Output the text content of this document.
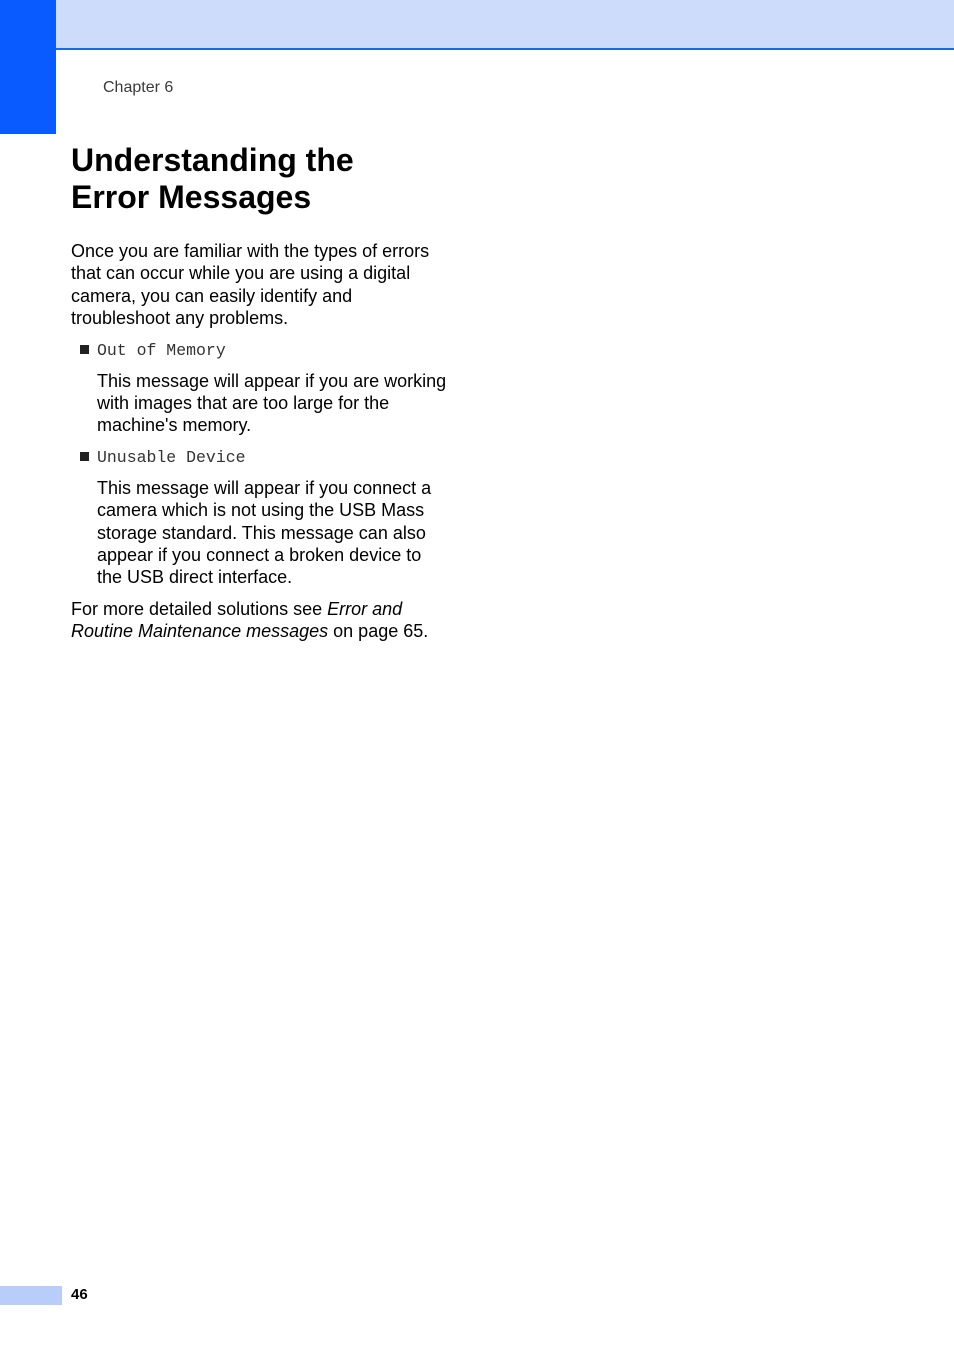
Chapter 6
Understanding the
Error Messages

Once you are familiar with the types of errors that can occur while you are using a digital camera, you can easily identify and troubleshoot any problems.

Out of Memory

This message will appear if you are working with images that are too large for the machine's memory.

Unusable Device

This message will appear if you connect a camera which is not using the USB Mass storage standard. This message can also appear if you connect a broken device to the USB direct interface.

For more detailed solutions see Error and Routine Maintenance messages on page 65.

46
